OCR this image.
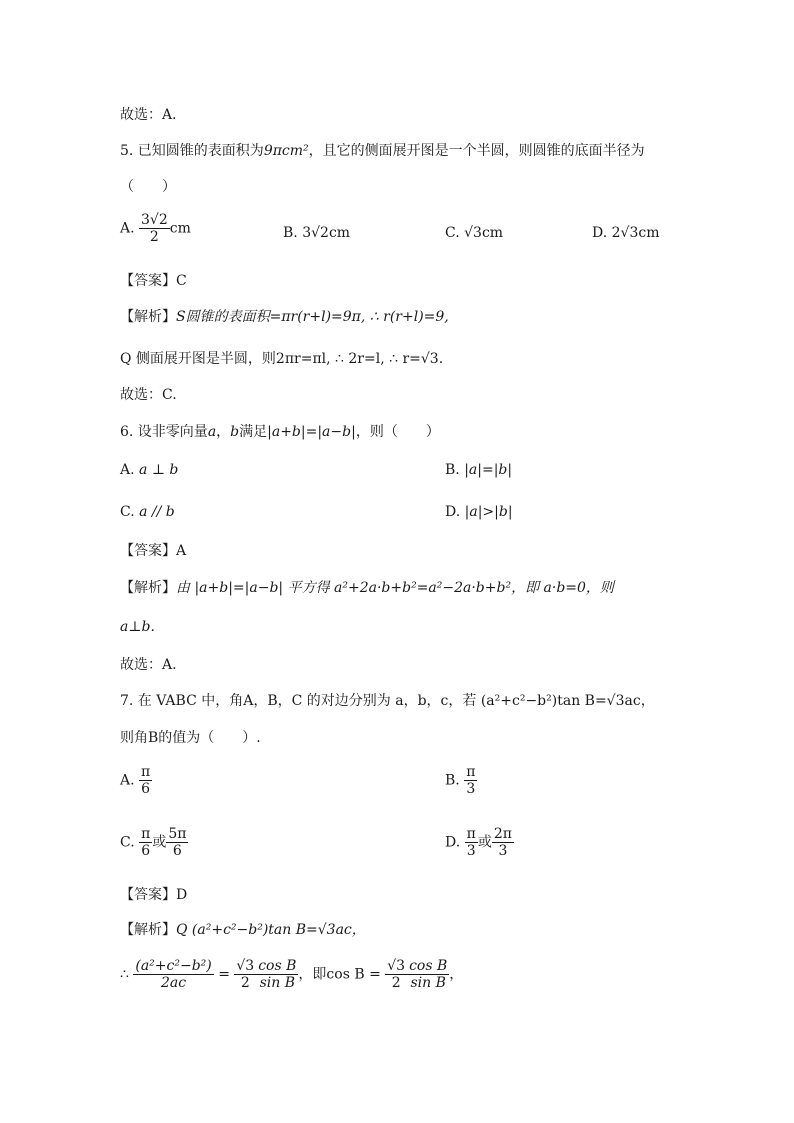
故选：A．
5. 已知圆锥的表面积为9πcm²，且它的侧面展开图是一个半圆，则圆锥的底面半径为
（　　）
A. $\frac{3√2}{2}$ cm	B. 3√2cm	C. √3cm	D. 2√3cm
【答案】C
【解析】S圆锥的表面积=πr(r+l)=9π, ∴ r(r+l)=9,
Q 侧面展开图是半圆，则2πr=πl, ∴ 2r=l, ∴ r=√3.
故选：C.
6. 设非零向量a，b满足|a+b|=|a−b|，则（　　）
A. a ⊥ b	B. |a|=|b|
C. a // b	D. |a|>|b|
【答案】A
【解析】由 |a+b|=|a−b| 平方得 a²+2a·b+b²=a²−2a·b+b²，即 a·b=0，则
a⊥b.
故选：A.
7. 在 VABC 中，角A，B，C 的对边分别为 a，b，c，若 (a²+c²−b²)tan B=√3ac，
则角B的值为（　　）.
A. $\frac{\pi}{6}$	B. $\frac{\pi}{3}$
C. $\frac{\pi}{6}$ 或 $\frac{5\pi}{6}$	D. $\frac{\pi}{3}$ 或 $\frac{2\pi}{3}$
【答案】D
【解析】Q (a²+c²−b²)tan B=√3ac，
∴ $\frac{\text{(a²+c²−b²)}}{2ac} = \frac{√3}{2} \frac{\text{cos B}}{\text{sin B}}$ ，即$\cos B = \frac{√3}{2} \frac{\text{cos B}}{\text{sin B}}$ ，
